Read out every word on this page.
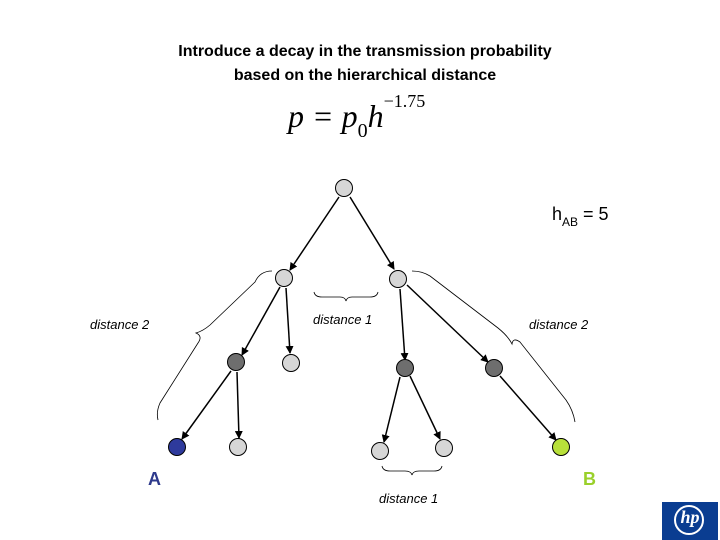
Introduce a decay in the transmission probability
based on the hierarchical distance
$p = p_0h^{-1.75}$
$h_{AB} = 5$
distance 2	distance 1	distance 2
distance 1
A	B
hp
